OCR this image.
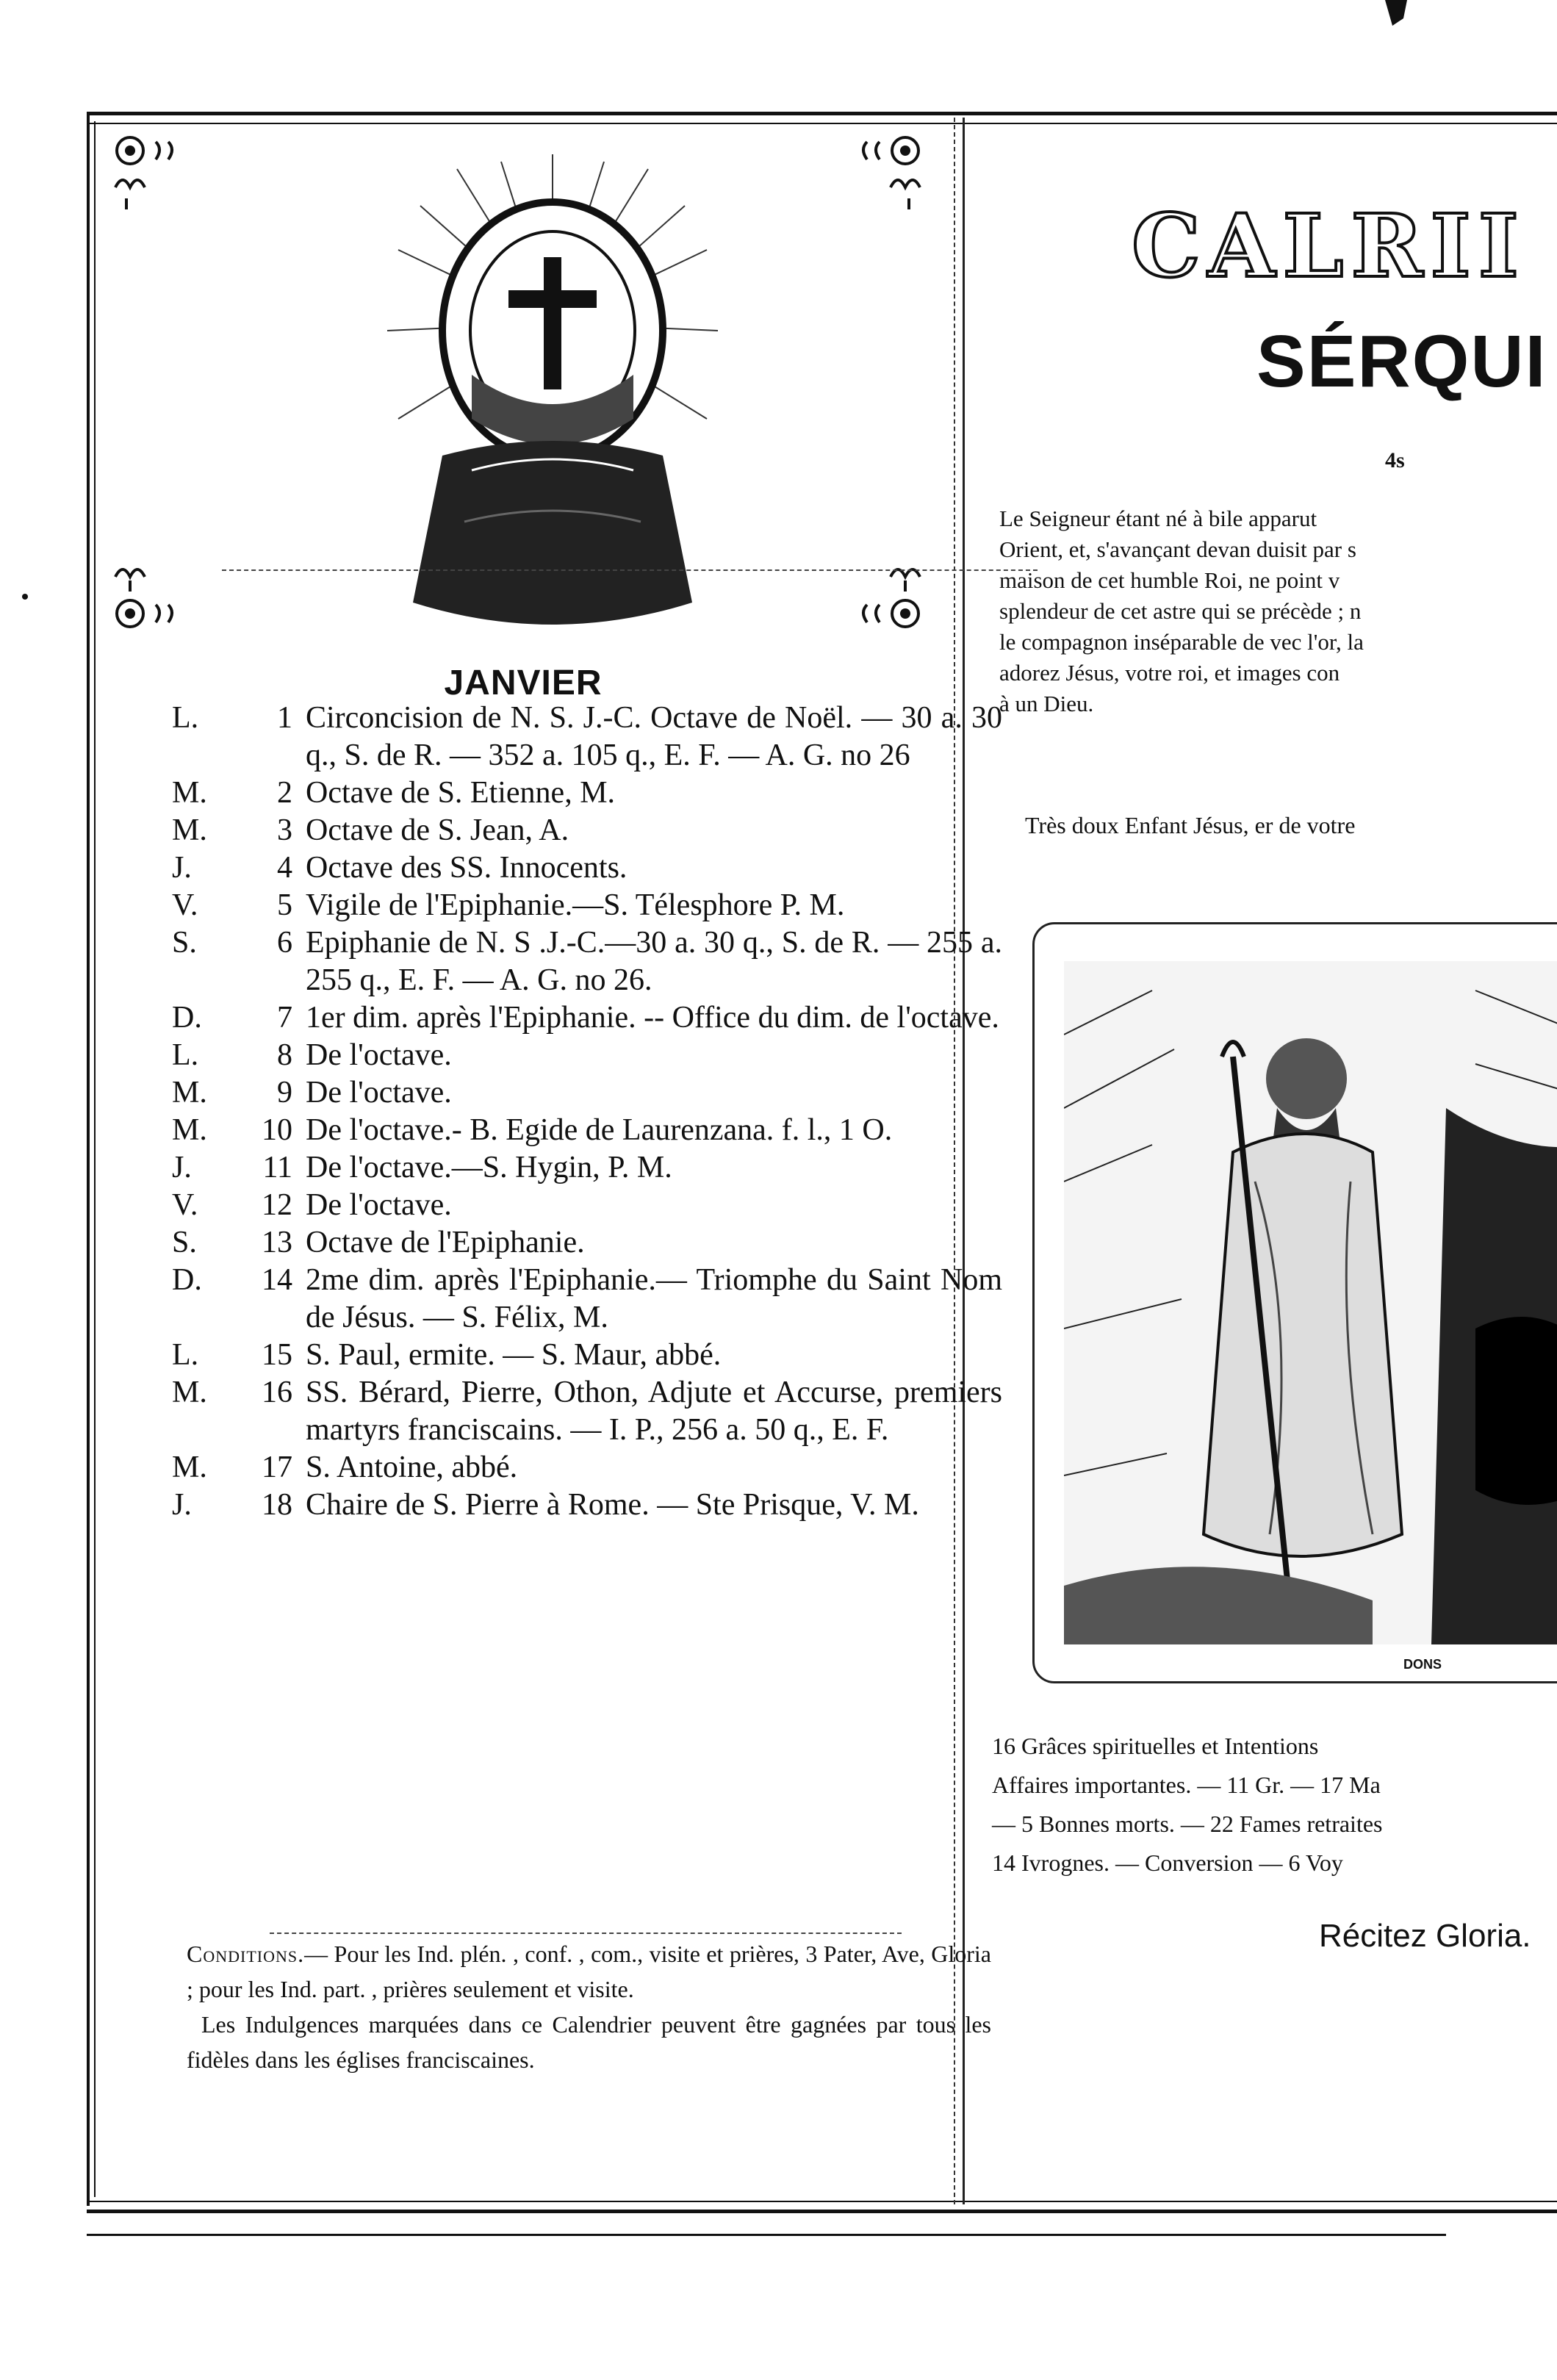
JANVIER
L.	1 Circoncision de N. S. J.-C. Octave de Noël. — 30 a. 30 q., S. de R. — 352 a. 105 q., E. F. — A. G. no 26
M.	2 Octave de S. Etienne, M.
M.	3 Octave de S. Jean, A.
J.	4 Octave des SS. Innocents.
V.	5 Vigile de l'Epiphanie.—S. Télesphore P. M.
S.	6 Epiphanie de N. S .J.-C.—30 a. 30 q., S. de R. — 255 a. 255 q., E. F. — A. G. no 26.
D.	7 1er dim. après l'Epiphanie. -- Office du dim. de l'octave.
L.	8 De l'octave.
M.	9 De l'octave.
M.	10 De l'octave.- B. Egide de Laurenzana. f. l., 1 O.
J.	11 De l'octave.—S. Hygin, P. M.
V.	12 De l'octave.
S.	13 Octave de l'Epiphanie.
D.	14 2me dim. après l'Epiphanie.— Triomphe du Saint Nom de Jésus. — S. Félix, M.
L.	15 S. Paul, ermite. — S. Maur, abbé.
M.	16 SS. Bérard, Pierre, Othon, Adjute et Accurse, premiers martyrs franciscains. — I. P., 256 a. 50 q., E. F.
M.	17 S. Antoine, abbé.
J.	18 Chaire de S. Pierre à Rome. — Ste Prisque, V. M.

Conditions.— Pour les Ind. plén. , conf. , com., visite et prières, 3 Pater, Ave, Gloria ; pour les Ind. part. , prières seulement et visite.

Les Indulgences marquées dans ce Calendrier peuvent être gagnées par tous les fidèles dans les églises franciscaines.

CALRII
SÉRQUI
4s
Le Seigneur étant né à bile apparut
Orient, et, s'avançant devan duisit par s
maison de cet humble Roi, ne point v
splendeur de cet astre qui se précède ; n
le compagnon inséparable de vec l'or, la
adorez Jésus, votre roi, et images con
à un Dieu.
Très doux Enfant Jésus, er de votre
DONS
16 Grâces spirituelles et Intentions
Affaires importantes. — 11 Gr. — 17 Ma
— 5 Bonnes morts. — 22 Fames retraites
14 Ivrognes. — Conversion — 6 Voy
Récitez Gloria.
